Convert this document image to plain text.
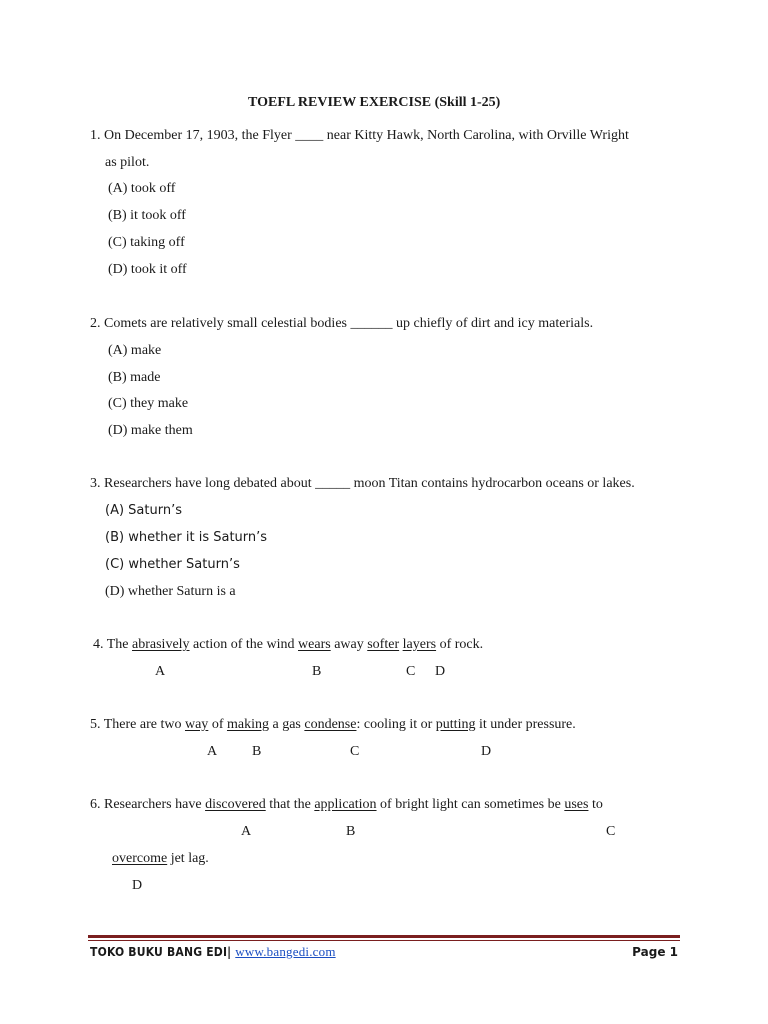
TOEFL REVIEW EXERCISE (Skill 1-25)
1. On December 17, 1903, the Flyer ____ near Kitty Hawk, North Carolina, with Orville Wright
as pilot.
(A) took off
(B) it took off
(C) taking off
(D) took it off
2. Comets are relatively small celestial bodies ______ up chiefly of dirt and icy materials.
(A) make
(B) made
(C) they make
(D) make them
3. Researchers have long debated about _____ moon Titan contains hydrocarbon oceans or lakes.
(A) Saturn’s
(B) whether it is Saturn’s
(C) whether Saturn’s
(D) whether Saturn is a
4. The abrasively action of the wind wears away softer layers of rock.
A	B	C D
5. There are two way of making a gas condense: cooling it or putting it under pressure.
A B	C	D
6. Researchers have discovered that the application of bright light can sometimes be uses to
A	B	C
overcome jet lag.
D
TOKO BUKU BANG EDI| www.bangedi.com	Page 1
